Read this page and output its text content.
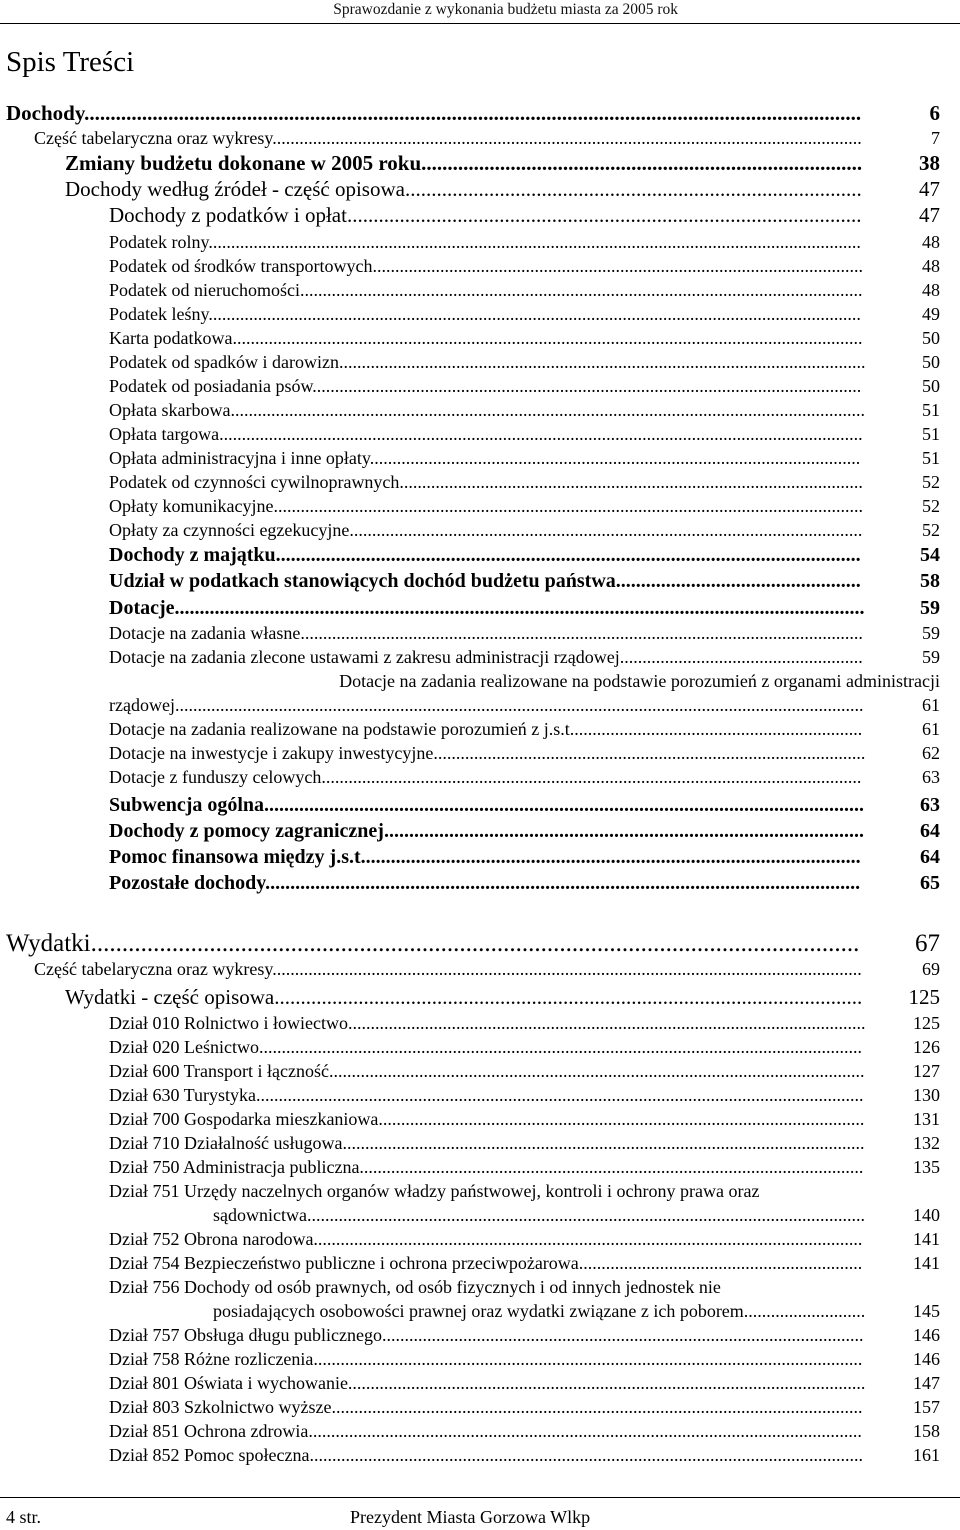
Sprawozdanie z wykonania budżetu miasta za 2005 rok
Spis Treści
Dochody....................................................................................................................................................	6
Część tabelaryczna oraz wykresy...................................................................................................................................	7
Zmiany budżetu dokonane w 2005 roku....................................................................................	38
Dochody według źródeł - część opisowa.......................................................................................	47
Dochody z podatków i opłat..................................................................................................	47
Podatek rolny.................................................................................................................................................	48
Podatek od środków transportowych.............................................................................................................	48
Podatek od nieruchomości.............................................................................................................................	48
Podatek leśny.................................................................................................................................................	49
Karta podatkowa............................................................................................................................................	50
Podatek od spadków i darowizn.....................................................................................................................	50
Podatek od posiadania psów..........................................................................................................................	50
Opłata skarbowa.............................................................................................................................................	51
Opłata targowa...............................................................................................................................................	51
Opłata administracyjna i inne opłaty.............................................................................................................	51
Podatek od czynności cywilnoprawnych.......................................................................................................	52
Opłaty komunikacyjne...................................................................................................................................	52
Opłaty za czynności egzekucyjne..................................................................................................................	52
Dochody z majątku.....................................................................................................................	54
Udział w podatkach stanowiących dochód budżetu państwa.................................................	58
Dotacje..........................................................................................................................................	59
Dotacje na zadania własne.............................................................................................................................	59
Dotacje na zadania zlecone ustawami z zakresu administracji rządowej......................................................	59
Dotacje na zadania realizowane na podstawie porozumień z organami administracji
rządowej.........................................................................................................................................................	61
Dotacje na zadania realizowane na podstawie porozumień z j.s.t.................................................................	61
Dotacje na inwestycje i zakupy inwestycyjne................................................................................................	62
Dotacje z funduszy celowych........................................................................................................................	63
Subwencja ogólna........................................................................................................................	63
Dochody z pomocy zagranicznej................................................................................................	64
Pomoc finansowa między j.s.t....................................................................................................	64
Pozostałe dochody.......................................................................................................................	65
Wydatki...........................................................................................................................	67
Część tabelaryczna oraz wykresy...................................................................................................................................	69
Wydatki - część opisowa................................................................................................................	125
Dział 010 Rolnictwo i łowiectwo...................................................................................................................	125
Dział 020 Leśnictwo......................................................................................................................................	126
Dział 600 Transport i łączność.......................................................................................................................	127
Dział 630 Turystyka.......................................................................................................................................	130
Dział 700 Gospodarka mieszkaniowa............................................................................................................	131
Dział 710 Działalność usługowa....................................................................................................................	132
Dział 750 Administracja publiczna................................................................................................................	135
Dział 751 Urzędy naczelnych organów władzy państwowej, kontroli i ochrony prawa oraz
sądownictwa............................................................................................................................	140
Dział 752 Obrona narodowa..........................................................................................................................	141
Dział 754 Bezpieczeństwo publiczne i ochrona przeciwpożarowa...............................................................	141
Dział 756 Dochody od osób prawnych, od osób fizycznych i od innych jednostek nie
posiadających osobowości prawnej oraz wydatki związane z ich poborem...........................	145
Dział 757 Obsługa długu publicznego...........................................................................................................	146
Dział 758 Różne rozliczenia..........................................................................................................................	146
Dział 801 Oświata i wychowanie...................................................................................................................	147
Dział 803 Szkolnictwo wyższe......................................................................................................................	157
Dział 851 Ochrona zdrowia...........................................................................................................................	158
Dział 852 Pomoc społeczna...........................................................................................................................	161
4 str.	Prezydent Miasta Gorzowa Wlkp
